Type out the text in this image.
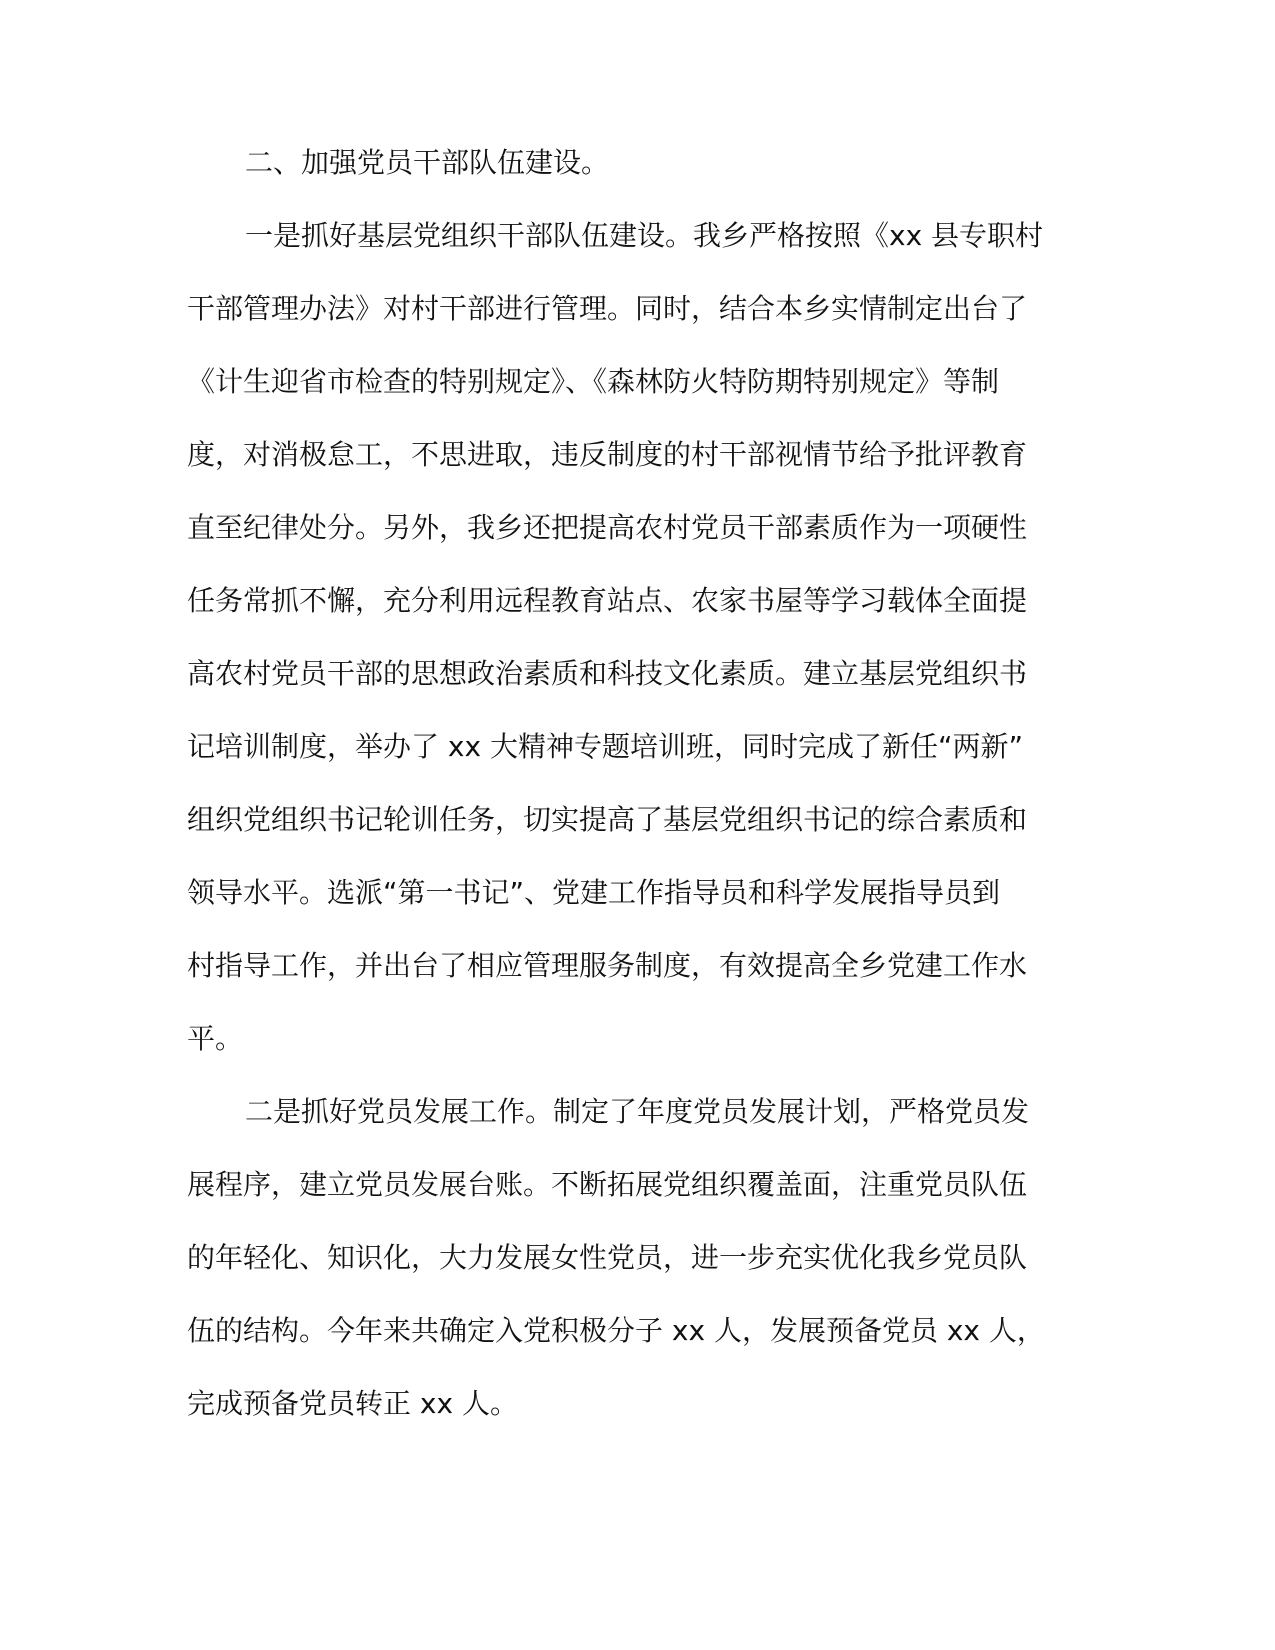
二、加强党员干部队伍建设。
一是抓好基层党组织干部队伍建设。我乡严格按照《xx 县专职村
干部管理办法》对村干部进行管理。同时，结合本乡实情制定出台了
《计生迎省市检查的特别规定》、《森林防火特防期特别规定》等制
度，对消极怠工，不思进取，违反制度的村干部视情节给予批评教育
直至纪律处分。另外，我乡还把提高农村党员干部素质作为一项硬性
任务常抓不懈，充分利用远程教育站点、农家书屋等学习载体全面提
高农村党员干部的思想政治素质和科技文化素质。建立基层党组织书
记培训制度，举办了 xx 大精神专题培训班，同时完成了新任“两新”
组织党组织书记轮训任务，切实提高了基层党组织书记的综合素质和
领导水平。选派“第一书记”、党建工作指导员和科学发展指导员到
村指导工作，并出台了相应管理服务制度，有效提高全乡党建工作水
平。
二是抓好党员发展工作。制定了年度党员发展计划，严格党员发
展程序，建立党员发展台账。不断拓展党组织覆盖面，注重党员队伍
的年轻化、知识化，大力发展女性党员，进一步充实优化我乡党员队
伍的结构。今年来共确定入党积极分子 xx 人，发展预备党员 xx 人，
完成预备党员转正 xx 人。
